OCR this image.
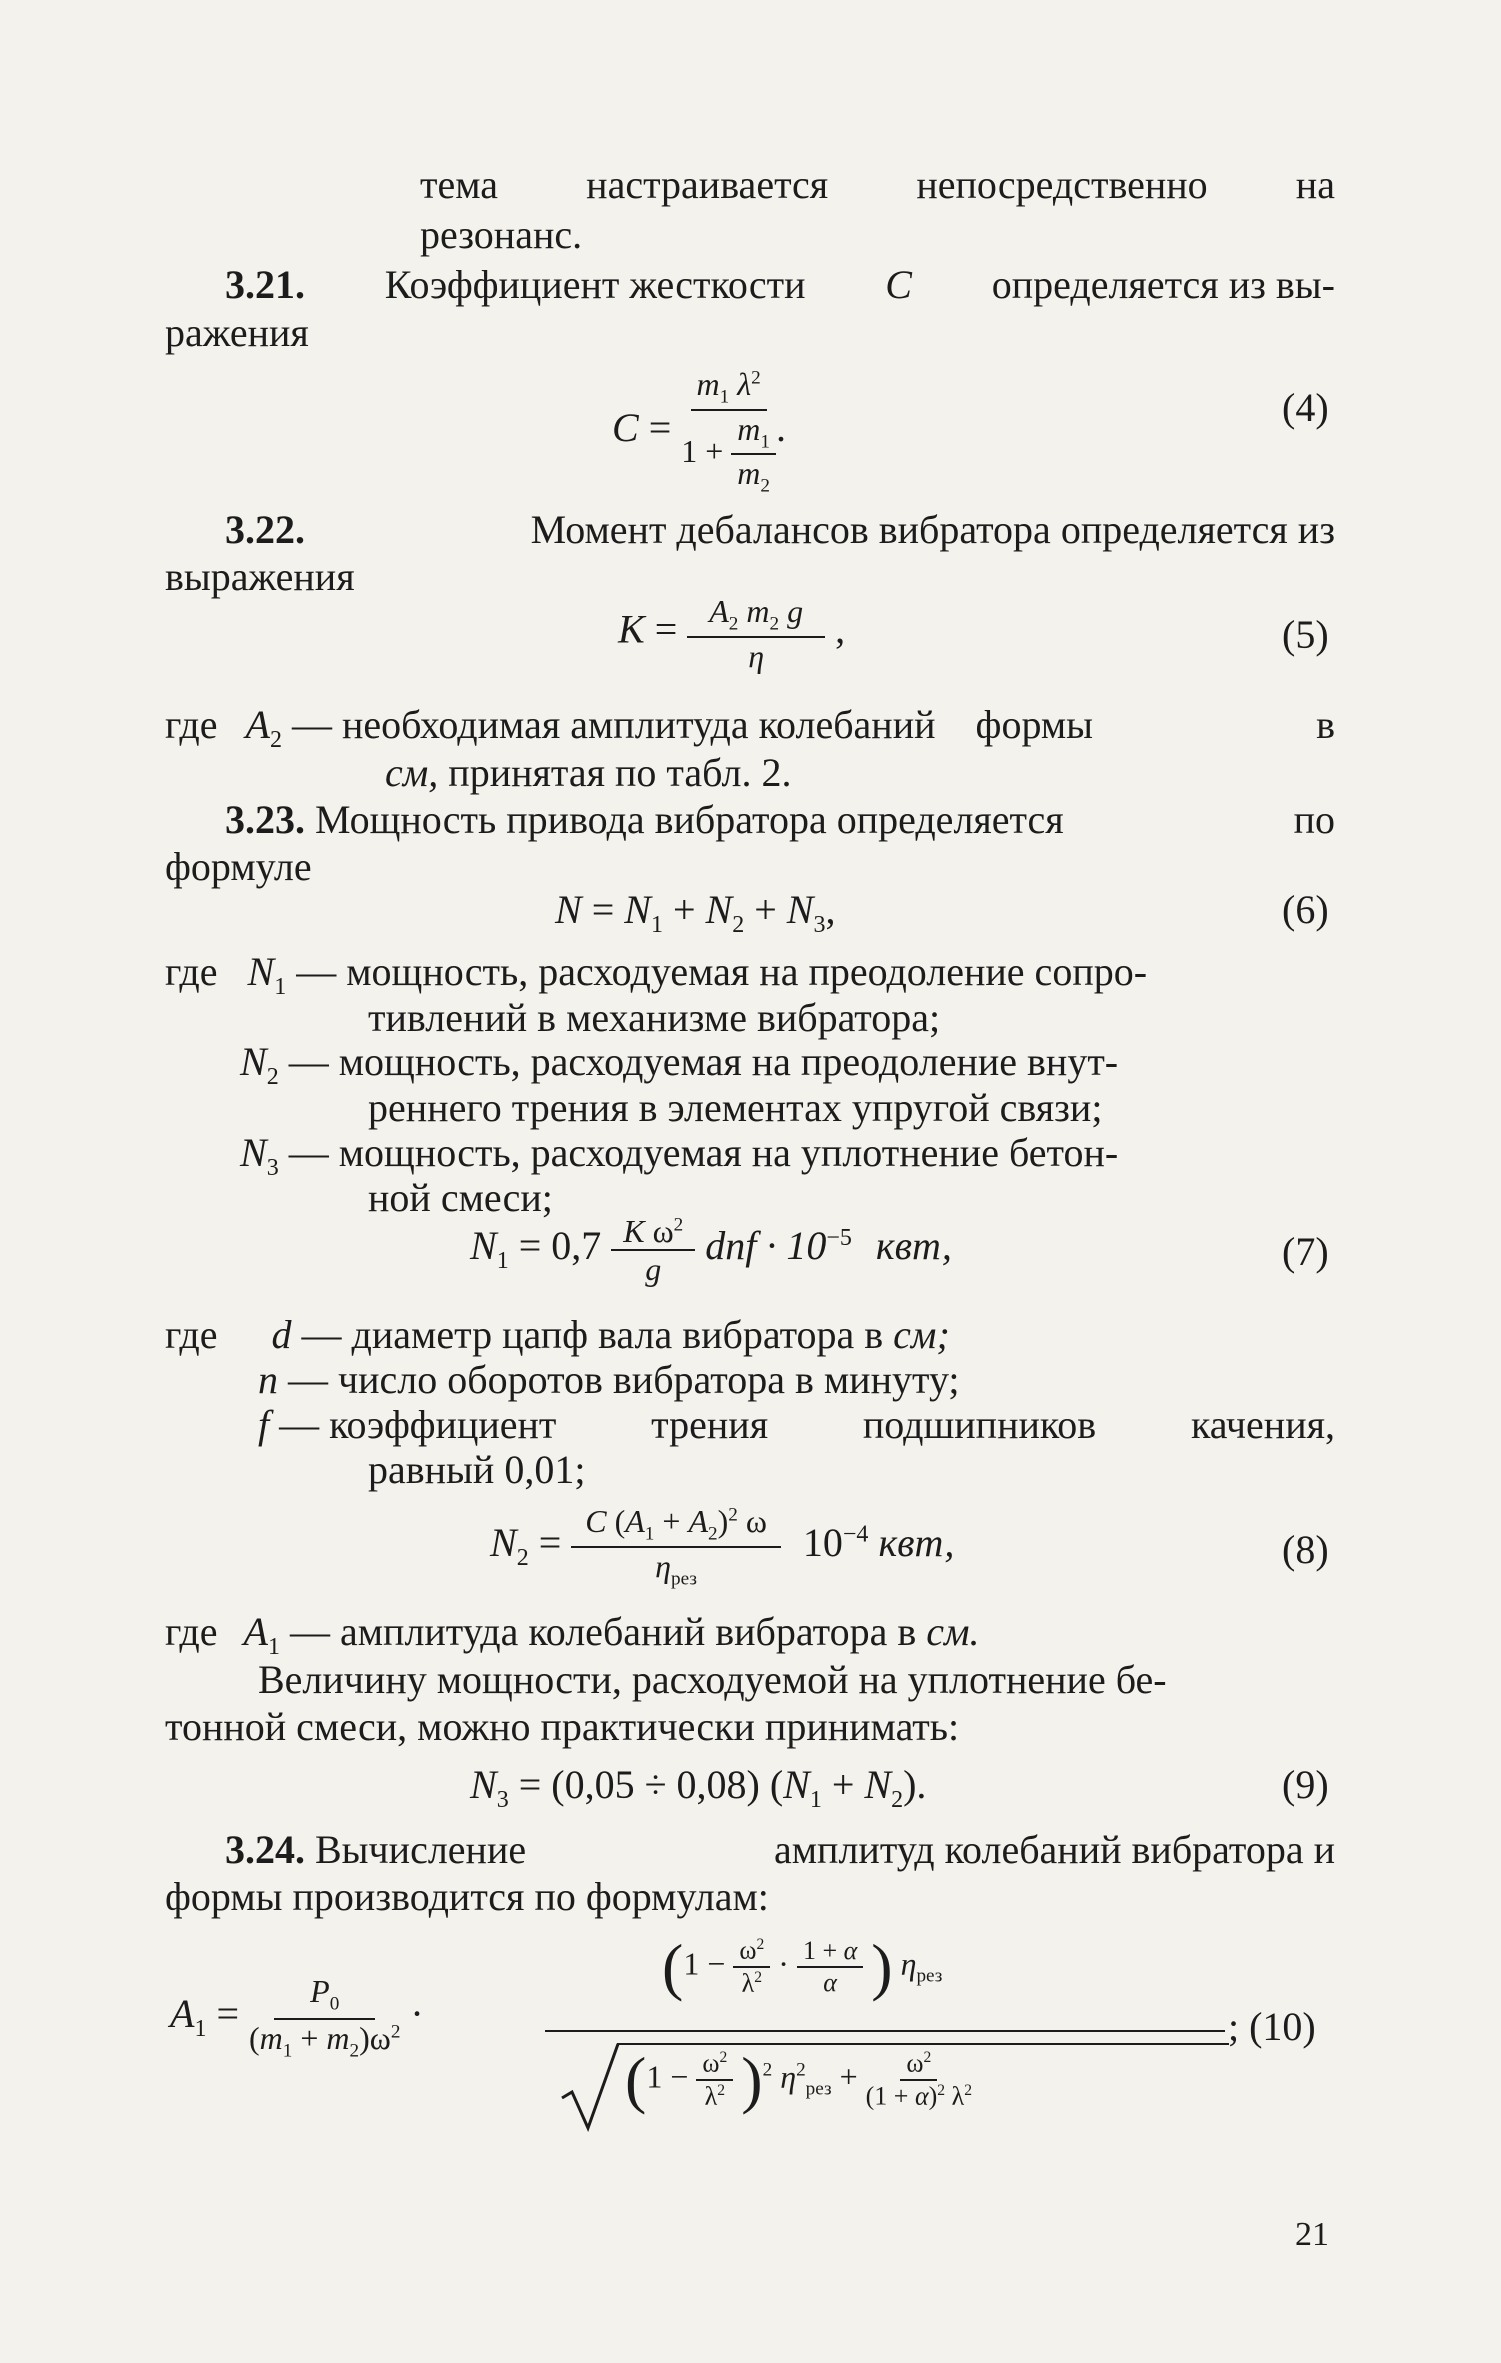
тема настраивается непосредственно на
резонанс.
3.21. Коэффициент жесткости C определяется из вы-
ражения
$C = \frac{m_1 \lambda^2}{1 + \frac{m_1}{m_2}}$ .	(4)
3.22.	Момент дебалансов вибратора определяется из
выражения
$K = \frac{A_2 m_2 g}{\eta}$ ,	(5)
где $A_2$ — необходимая амплитуда колебаний формы	в
см, принятая по табл. 2.
3.23. Мощность привода вибратора определяется	по
формуле
$N = N_1 + N_2 + N_3$,	(6)
где $N_1$ — мощность, расходуемая на преодоление сопро-
тивлений в механизме вибратора;
$N_2$ — мощность, расходуемая на преодоление внут-
реннего трения в элементах упругой связи;
$N_3$ — мощность, расходуемая на уплотнение бетон-
ной смеси;
$N_1 = 0,7 \frac{K \omega^2}{g}$ dnf · $10^{-5}$ квт,	(7)
где d — диаметр цапф вала вибратора в см;
n — число оборотов вибратора в минуту;
f — коэффициент трения подшипников качения,
равный 0,01;
$N_2 = C$ $(A_1 + A_2)^2$ ω
$\eta_{рез}$
$10^{-4}$ квт,	(8)
где $A_1$ — амплитуда колебаний вибратора в см.
Величину мощности, расходуемой на уплотнение бе-
тонной смеси, можно практически принимать:
$N_3 = (0,05 \div 0,08) (N_1 + N_2)$.	(9)
3.24. Вычисление	амплитуд колебаний вибратора и
формы производится по формулам:
$A_1 = \frac{P_0}{(m_1 + m_2)\omega^2}$ ·
($1 - \frac{\omega^2}{\lambda^2} \cdot \frac{1 + \alpha}{\alpha}$ ) $\eta_{рез}$
$(1 - \frac{\omega^2}{\lambda^2} )^2$ $\eta^2_{рез} + \frac{\omega^2}{(1 + \alpha)^2 \lambda^2}$
; (10)
21
